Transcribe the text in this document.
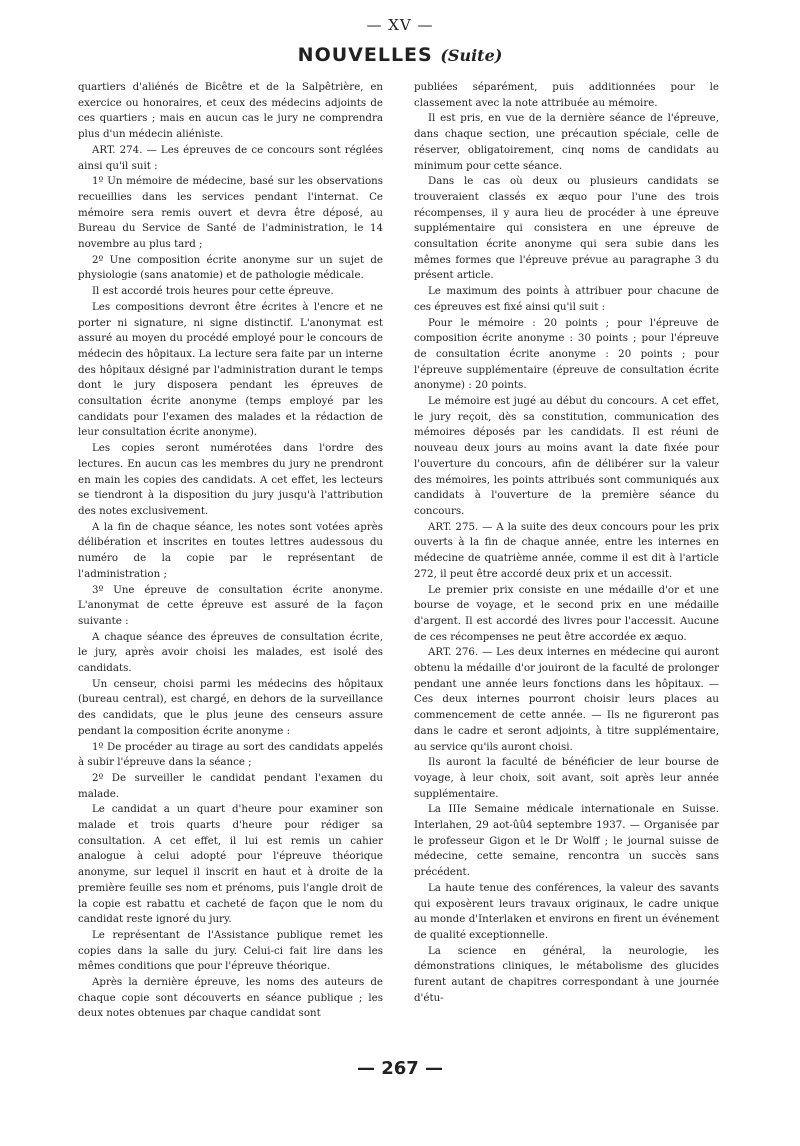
— XV —
NOUVELLES (Suite)

quartiers d'aliénés de Bicêtre et de la Salpêtrière, en exercice ou honoraires, et ceux des médecins adjoints de ces quartiers ; mais en aucun cas le jury ne comprendra plus d'un médecin aliéniste.

ART. 274. — Les épreuves de ce concours sont réglées ainsi qu'il suit :

1º Un mémoire de médecine, basé sur les observations recueillies dans les services pendant l'internat. Ce mémoire sera remis ouvert et devra être déposé, au Bureau du Service de Santé de l'administration, le 14 novembre au plus tard ;

2º Une composition écrite anonyme sur un sujet de physiologie (sans anatomie) et de pathologie médicale.

Il est accordé trois heures pour cette épreuve.

Les compositions devront être écrites à l'encre et ne porter ni signature, ni signe distinctif. L'anonymat est assuré au moyen du procédé employé pour le concours de médecin des hôpitaux. La lecture sera faite par un interne des hôpitaux désigné par l'administration durant le temps dont le jury disposera pendant les épreuves de consultation écrite anonyme (temps employé par les candidats pour l'examen des malades et la rédaction de leur consultation écrite anonyme).

Les copies seront numérotées dans l'ordre des lectures. En aucun cas les membres du jury ne prendront en main les copies des candidats. A cet effet, les lecteurs se tiendront à la disposition du jury jusqu'à l'attribution des notes exclusivement.

A la fin de chaque séance, les notes sont votées après délibération et inscrites en toutes lettres audessous du numéro de la copie par le représentant de l'administration ;

3º Une épreuve de consultation écrite anonyme. L'anonymat de cette épreuve est assuré de la façon suivante :

A chaque séance des épreuves de consultation écrite, le jury, après avoir choisi les malades, est isolé des candidats.

Un censeur, choisi parmi les médecins des hôpitaux (bureau central), est chargé, en dehors de la surveillance des candidats, que le plus jeune des censeurs assure pendant la composition écrite anonyme :

1º De procéder au tirage au sort des candidats appelés à subir l'épreuve dans la séance ;

2º De surveiller le candidat pendant l'examen du malade.

Le candidat a un quart d'heure pour examiner son malade et trois quarts d'heure pour rédiger sa consultation. A cet effet, il lui est remis un cahier analogue à celui adopté pour l'épreuve théorique anonyme, sur lequel il inscrit en haut et à droite de la première feuille ses nom et prénoms, puis l'angle droit de la copie est rabattu et cacheté de façon que le nom du candidat reste ignoré du jury.

Le représentant de l'Assistance publique remet les copies dans la salle du jury. Celui-ci fait lire dans les mêmes conditions que pour l'épreuve théorique.

Après la dernière épreuve, les noms des auteurs de chaque copie sont découverts en séance publique ; les deux notes obtenues par chaque candidat sont

publiées séparément, puis additionnées pour le classement avec la note attribuée au mémoire.

Il est pris, en vue de la dernière séance de l'épreuve, dans chaque section, une précaution spéciale, celle de réserver, obligatoirement, cinq noms de candidats au minimum pour cette séance.

Dans le cas où deux ou plusieurs candidats se trouveraient classés ex æquo pour l'une des trois récompenses, il y aura lieu de procéder à une épreuve supplémentaire qui consistera en une épreuve de consultation écrite anonyme qui sera subie dans les mêmes formes que l'épreuve prévue au paragraphe 3 du présent article.

Le maximum des points à attribuer pour chacune de ces épreuves est fixé ainsi qu'il suit :

Pour le mémoire : 20 points ; pour l'épreuve de composition écrite anonyme : 30 points ; pour l'épreuve de consultation écrite anonyme : 20 points ; pour l'épreuve supplémentaire (épreuve de consultation écrite anonyme) : 20 points.

Le mémoire est jugé au début du concours. A cet effet, le jury reçoit, dès sa constitution, communication des mémoires déposés par les candidats. Il est réuni de nouveau deux jours au moins avant la date fixée pour l'ouverture du concours, afin de délibérer sur la valeur des mémoires, les points attribués sont communiqués aux candidats à l'ouverture de la première séance du concours.

ART. 275. — A la suite des deux concours pour les prix ouverts à la fin de chaque année, entre les internes en médecine de quatrième année, comme il est dit à l'article 272, il peut être accordé deux prix et un accessit.

Le premier prix consiste en une médaille d'or et une bourse de voyage, et le second prix en une médaille d'argent. Il est accordé des livres pour l'accessit. Aucune de ces récompenses ne peut être accordée ex æquo.

ART. 276. — Les deux internes en médecine qui auront obtenu la médaille d'or jouiront de la faculté de prolonger pendant une année leurs fonctions dans les hôpitaux. — Ces deux internes pourront choisir leurs places au commencement de cette année. — Ils ne figureront pas dans le cadre et seront adjoints, à titre supplémentaire, au service qu'ils auront choisi.

Ils auront la faculté de bénéficier de leur bourse de voyage, à leur choix, soit avant, soit après leur année supplémentaire.

La IIIe Semaine médicale internationale en Suisse. Interlahen, 29 aot-ûû4 septembre 1937. — Organisée par le professeur Gigon et le Dr Wolff ; le journal suisse de médecine, cette semaine, rencontra un succès sans précédent.

La haute tenue des conférences, la valeur des savants qui exposèrent leurs travaux originaux, le cadre unique au monde d'Interlaken et environs en firent un événement de qualité exceptionnelle.

La science en général, la neurologie, les démonstrations cliniques, le métabolisme des glucides furent autant de chapitres correspondant à une journée d'étu-

— 267 —
